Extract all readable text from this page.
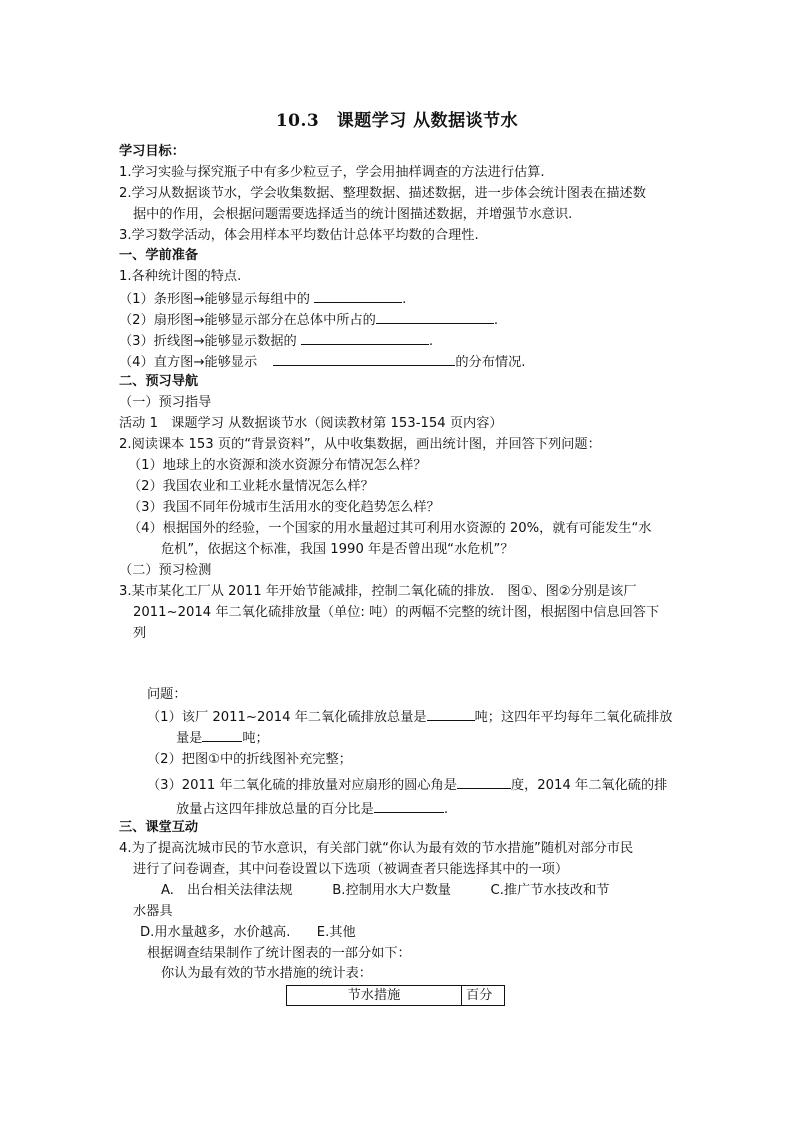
10.3　课题学习 从数据谈节水
学习目标：
1.学习实验与探究瓶子中有多少粒豆子，学会用抽样调查的方法进行估算.
2.学习从数据谈节水，学会收集数据、整理数据、描述数据，进一步体会统计图表在描述数
据中的作用，会根据问题需要选择适当的统计图描述数据，并增强节水意识.
3.学习数学活动，体会用样本平均数估计总体平均数的合理性.
一、学前准备
1.各种统计图的特点.
（1）条形图→能够显示每组中的	.
（2）扇形图→能够显示部分在总体中所占的	.
（3）折线图→能够显示数据的	.
（4）直方图→能够显示	的分布情况.
二、预习导航
（一）预习指导
活动 1　课题学习 从数据谈节水（阅读教材第 153-154 页内容）
2.阅读课本 153 页的“背景资料”，从中收集数据，画出统计图，并回答下列问题：
（1）地球上的水资源和淡水资源分布情况怎么样？
（2）我国农业和工业耗水量情况怎么样？
（3）我国不同年份城市生活用水的变化趋势怎么样？
（4）根据国外的经验，一个国家的用水量超过其可利用水资源的 20%，就有可能发生“水
危机”，依据这个标准，我国 1990 年是否曾出现“水危机”？
（二）预习检测
3.某市某化工厂从 2011 年开始节能减排，控制二氧化硫的排放.　图①、图②分别是该厂
2011~2014 年二氧化硫排放量（单位: 吨）的两幅不完整的统计图，根据图中信息回答下
列
问题：
（1）该厂 2011~2014 年二氧化硫排放总量是	吨；这四年平均每年二氧化硫排放
量是	吨；
（2）把图①中的折线图补充完整；
（3）2011 年二氧化硫的排放量对应扇形的圆心角是	度，2014 年二氧化硫的排
放量占这四年排放总量的百分比是	.
三、课堂互动
4.为了提高沈城市民的节水意识，有关部门就“你认为最有效的节水措施”随机对部分市民
进行了问卷调查，其中问卷设置以下选项（被调查者只能选择其中的一项）
A.　出台相关法律法规　　　B.控制用水大户数量　　　C.推广节水技改和节
水器具
D.用水量越多，水价越高.　　E.其他
根据调查结果制作了统计图表的一部分如下：
你认为最有效的节水措施的统计表：
节水措施	百分
